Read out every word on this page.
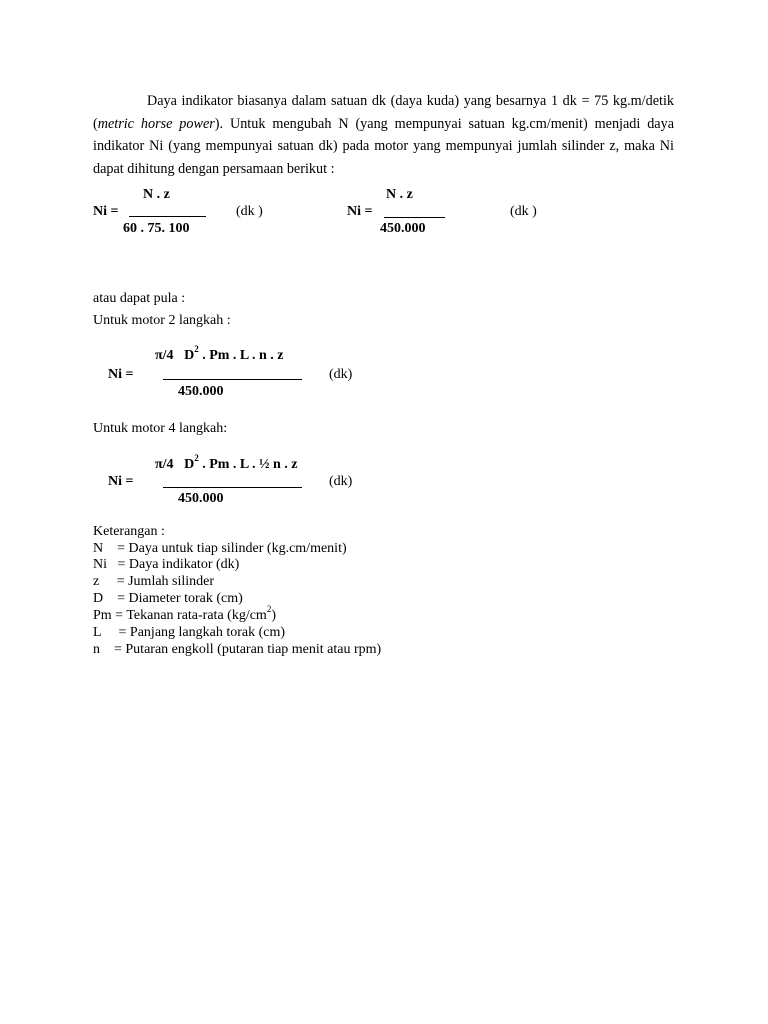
Daya indikator biasanya dalam satuan dk (daya kuda) yang besarnya 1 dk = 75 kg.m/detik (metric horse power). Untuk mengubah N (yang mempunyai satuan kg.cm/menit) menjadi daya indikator Ni (yang mempunyai satuan dk) pada motor yang mempunyai jumlah silinder z, maka Ni dapat dihitung dengan persamaan berikut :

N . z
Ni =	(dk )
60 . 75. 100
N . z
Ni =	(dk )
450.000
atau dapat pula :
Untuk motor 2 langkah :
π/4 $D^2$ . Pm . L . n . z
Ni =	(dk)
450.000
Untuk motor 4 langkah:
π/4 $D^2$ . Pm . L . ½ n . z
Ni =	(dk)
450.000
Keterangan :
N    = Daya untuk tiap silinder (kg.cm/menit)
Ni   = Daya indikator (dk)
z     = Jumlah silinder
D    = Diameter torak (cm)
Pm = Tekanan rata-rata $(kg/cm^2)$
L     = Panjang langkah torak (cm)
n    = Putaran engkoll (putaran tiap menit atau rpm)
